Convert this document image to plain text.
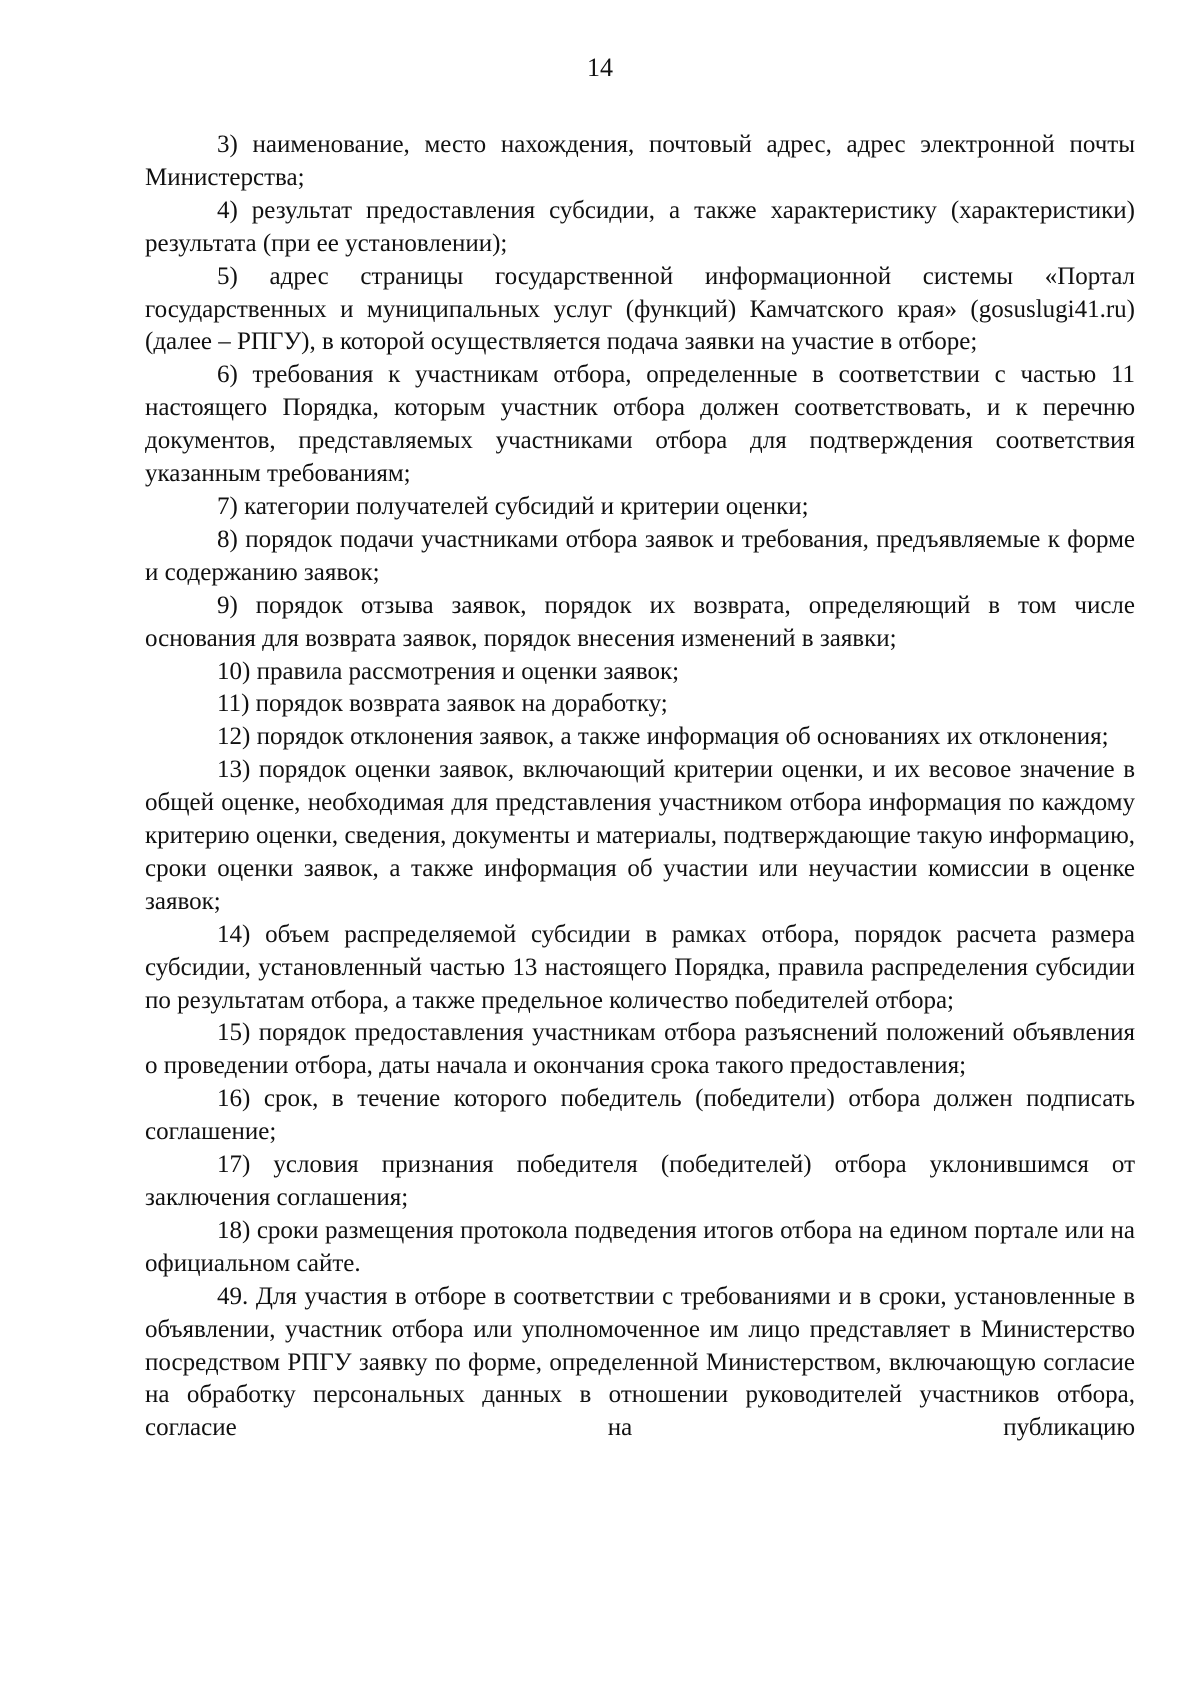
14

3) наименование, место нахождения, почтовый адрес, адрес электронной почты Министерства;

4) результат предоставления субсидии, а также характеристику (характеристики) результата (при ее установлении);

5) адрес страницы государственной информационной системы «Портал государственных и муниципальных услуг (функций) Камчатского края» (gosuslugi41.ru) (далее – РПГУ), в которой осуществляется подача заявки на участие в отборе;

6) требования к участникам отбора, определенные в соответствии с частью 11 настоящего Порядка, которым участник отбора должен соответствовать, и к перечню документов, представляемых участниками отбора для подтверждения соответствия указанным требованиям;

7) категории получателей субсидий и критерии оценки;

8) порядок подачи участниками отбора заявок и требования, предъявляемые к форме и содержанию заявок;

9) порядок отзыва заявок, порядок их возврата, определяющий в том числе основания для возврата заявок, порядок внесения изменений в заявки;

10) правила рассмотрения и оценки заявок;

11) порядок возврата заявок на доработку;

12) порядок отклонения заявок, а также информация об основаниях их отклонения;

13) порядок оценки заявок, включающий критерии оценки, и их весовое значение в общей оценке, необходимая для представления участником отбора информация по каждому критерию оценки, сведения, документы и материалы, подтверждающие такую информацию, сроки оценки заявок, а также информация об участии или неучастии комиссии в оценке заявок;

14) объем распределяемой субсидии в рамках отбора, порядок расчета размера субсидии, установленный частью 13 настоящего Порядка, правила распределения субсидии по результатам отбора, а также предельное количество победителей отбора;

15) порядок предоставления участникам отбора разъяснений положений объявления о проведении отбора, даты начала и окончания срока такого предоставления;

16) срок, в течение которого победитель (победители) отбора должен подписать соглашение;

17) условия признания победителя (победителей) отбора уклонившимся от заключения соглашения;

18) сроки размещения протокола подведения итогов отбора на едином портале или на официальном сайте.

49. Для участия в отборе в соответствии с требованиями и в сроки, установленные в объявлении, участник отбора или уполномоченное им лицо представляет в Министерство посредством РПГУ заявку по форме, определенной Министерством, включающую согласие на обработку персональных данных в отношении руководителей участников отбора, согласие на публикацию
